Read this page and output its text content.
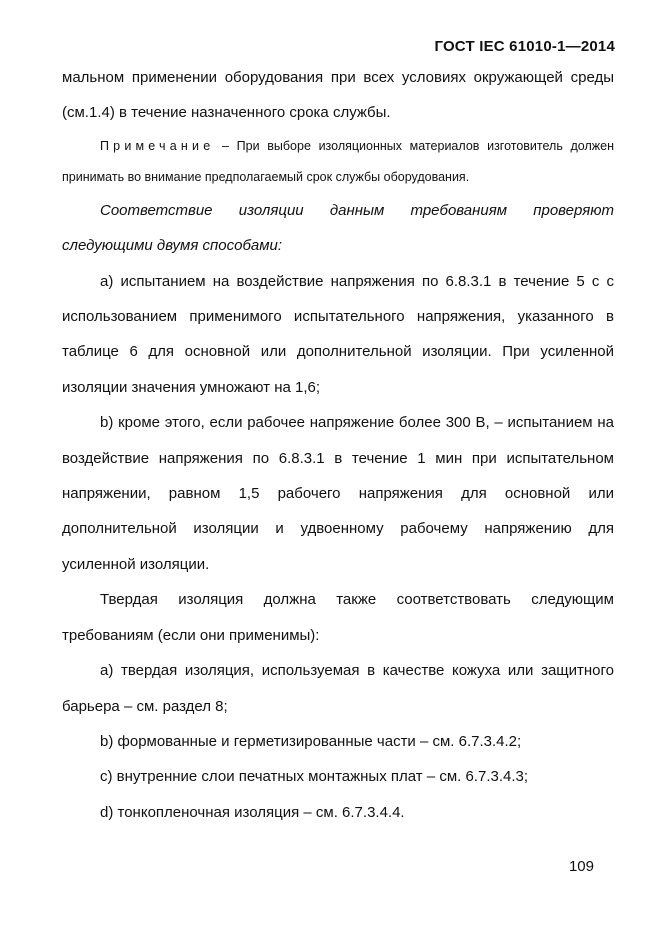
ГОСТ IEC 61010-1—2014

мальном применении оборудования при всех условиях окружающей среды (см.1.4) в течение назначенного срока службы.

Примечание – При выборе изоляционных материалов изготовитель должен принимать во внимание предполагаемый срок службы оборудования.

Соответствие изоляции данным требованиям проверяют следующими двумя способами:

а) испытанием на воздействие напряжения по 6.8.3.1 в течение 5 с с использованием применимого испытательного напряжения, указанного в таблице 6 для основной или дополнительной изоляции. При усиленной изоляции значения умножают на 1,6;

b) кроме этого, если рабочее напряжение более 300 В, – испытанием на воздействие напряжения по 6.8.3.1 в течение 1 мин при испытательном напряжении, равном 1,5 рабочего напряжения для основной или дополнительной изоляции и удвоенному рабочему напряжению для усиленной изоляции.

Твердая изоляция должна также соответствовать следующим требованиям (если они применимы):

а) твердая изоляция, используемая в качестве кожуха или защитного барьера – см. раздел 8;

b) формованные и герметизированные части – см. 6.7.3.4.2;

c) внутренние слои печатных монтажных плат – см. 6.7.3.4.3;

d) тонкопленочная изоляция – см. 6.7.3.4.4.

109
